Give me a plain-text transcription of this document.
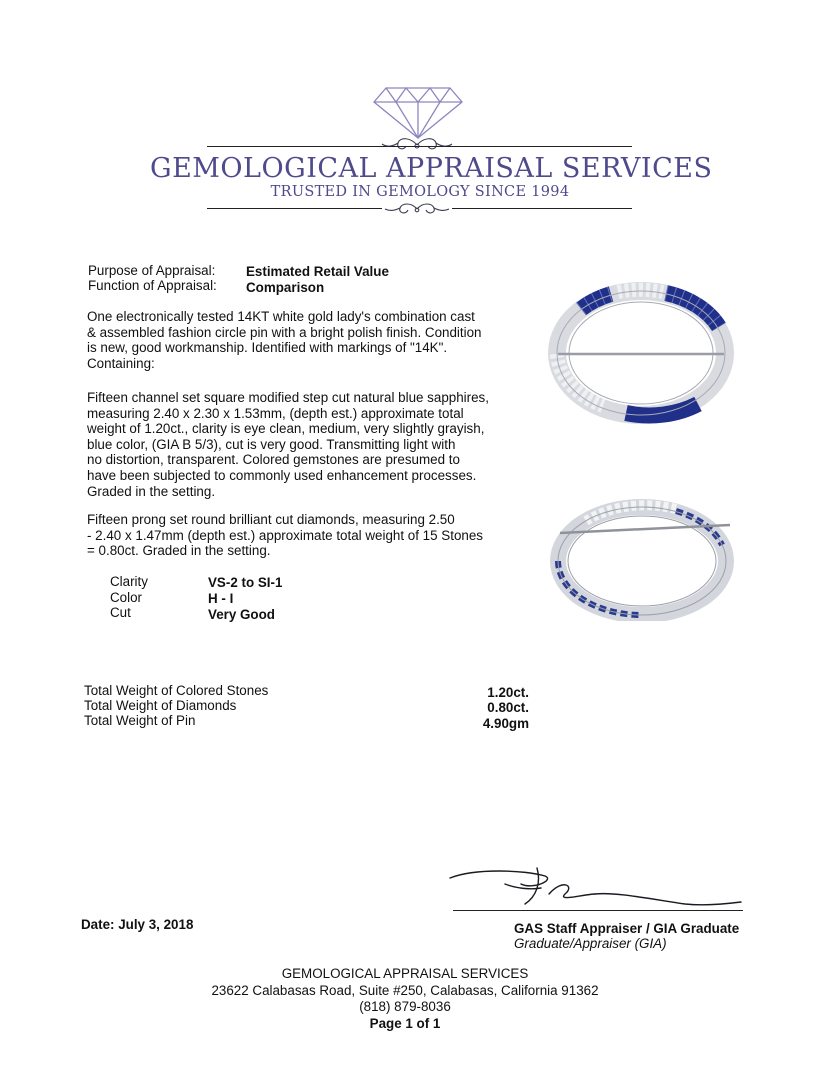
GEMOLOGICAL APPRAISAL SERVICES
TRUSTED IN GEMOLOGY SINCE 1994
Purpose of Appraisal: Estimated Retail Value
Function of Appraisal: Comparison
One electronically tested 14KT white gold lady's combination cast
& assembled fashion circle pin with a bright polish finish. Condition
is new, good workmanship. Identified with markings of "14K".
Containing:
Fifteen channel set square modified step cut natural blue sapphires,
measuring 2.40 x 2.30 x 1.53mm, (depth est.) approximate total
weight of 1.20ct., clarity is eye clean, medium, very slightly grayish,
blue color, (GIA B 5/3), cut is very good. Transmitting light with
no distortion, transparent. Colored gemstones are presumed to
have been subjected to commonly used enhancement processes.
Graded in the setting.
Fifteen prong set round brilliant cut diamonds, measuring 2.50
- 2.40 x 1.47mm (depth est.) approximate total weight of 15 Stones
= 0.80ct. Graded in the setting.
Clarity	VS-2 to SI-1
Color	H - I
Cut	Very Good
Total Weight of Colored Stones	1.20ct.
Total Weight of Diamonds	0.80ct.
Total Weight of Pin	4.90gm
Date: July 3, 2018	GAS Staff Appraiser / GIA Graduate
Graduate/Appraiser (GIA)
GEMOLOGICAL APPRAISAL SERVICES
23622 Calabasas Road, Suite #250, Calabasas, California 91362
(818) 879-8036
Page 1 of 1
